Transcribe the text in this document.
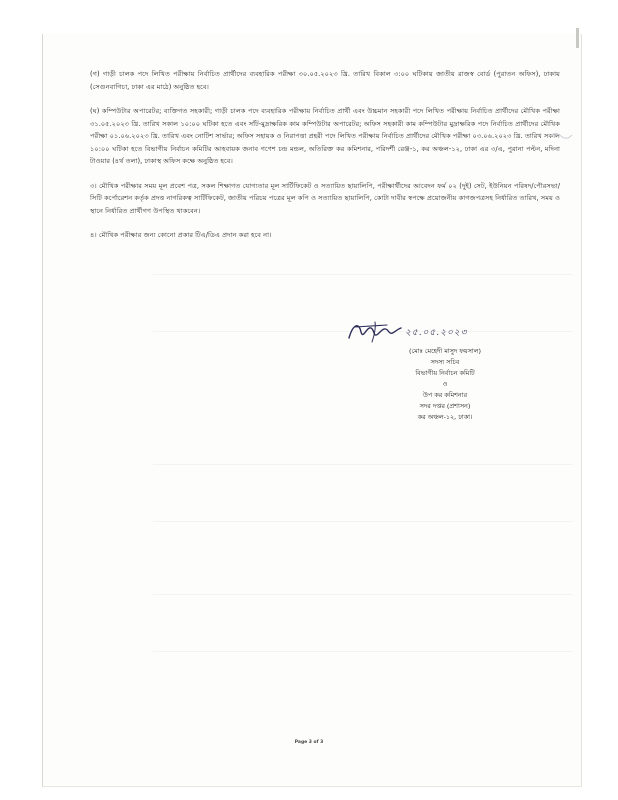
(গ) গাড়ী চালক পদে লিখিত পরীক্ষায় নির্বাচিত প্রার্থীদের ব্যবহারিক পরীক্ষা ৩০.০৫.২০২৩ খ্রি. তারিখ বিকাল ৩:০০ ঘটিকায় জাতীয় রাজস্ব বোর্ড (পুরাতন অফিস), ঢাকায় (সেগুনবাগিচা, ঢাকা এর মাঠে) অনুষ্ঠিত হবে।

(ঘ) কম্পিউটার অপারেটর; ব্যক্তিগত সহকারী; গাড়ী চালক পদে ব্যবহারিক পরীক্ষায় নির্বাচিত প্রার্থী এবং উচ্চমান সহকারী পদে লিখিত পরীক্ষায় নির্বাচিত প্রার্থীদের মৌখিক পরীক্ষা ৩১.০৫.২০২৩ খ্রি. তারিখ সকাল ১০:০০ ঘটিকা হতে এবং সাঁট-মুদ্রাক্ষরিক কাম কম্পিউটার অপারেটর; অফিস সহকারী কাম কম্পিউটার মুদ্রাক্ষরিক পদে নির্বাচিত প্রার্থীদের মৌখিক পরীক্ষা ০১.০৬.২০২৩ খ্রি. তারিখ এবং নোটিশ সার্ভার; অফিস সহায়ক ও নিরাপত্তা প্রহরী পদে লিখিত পরীক্ষায় নির্বাচিত প্রার্থীদের মৌখিক পরীক্ষা ০৩.০৬.২০২৩ খ্রি. তারিখ সকাল ১০:০০ ঘটিকা হতে বিভাগীয় নির্বাচন কমিটির আহবায়ক জনাব গণেশ চন্দ্র মন্ডল, অতিরিক্ত কর কমিশনার, পরিদর্শী রেঞ্জ-১, কর অঞ্চল-১২, ঢাকা এর ৩/এ, পুরানা পল্টন, মদিনা টাওয়ার (৪র্থ তলা), ঢাকাস্থ অফিস কক্ষে অনুষ্ঠিত হবে।

৩। মৌখিক পরীক্ষার সময় মূল প্রবেশ পত্র, সকল শিক্ষাগত যোগ্যতার মূল সার্টিফিকেট ও সত্যায়িত ছায়ালিপি, পরীক্ষার্থীদের আবেদন ফর্ম ০২ (দুই) সেট, ইউনিয়ন পরিষদ/পৌরসভা/সিটি কর্পোরেশন কর্তৃক প্রদত্ত নাগরিকত্ব সার্টিফিকেট, জাতীয় পরিচয় পত্রের মূল কপি ও সত্যায়িত ছায়ালিপি, কোটা দাবীর স্বপক্ষে প্রয়োজনীয় কাগজপত্রসহ নির্ধারিত তারিখ, সময় ও স্থানে নির্ধারিত প্রার্থীগণ উপস্থিত থাকবেন।

৪। মৌখিক পরীক্ষার জন্য কোনো প্রকার টিএ/ডিএ প্রদান করা হবে না।

২৫.০৫.২০২৩
(মোঃ মেহেদী মাসুদ ফয়সাল)
সদস্য সচিব
বিভাগীয় নির্বাচন কমিটি
ও
উপ কর কমিশনার
সদর দপ্তর (প্রশাসন)
কর অঞ্চল-১২, ঢাকা।
Page 3 of 3
